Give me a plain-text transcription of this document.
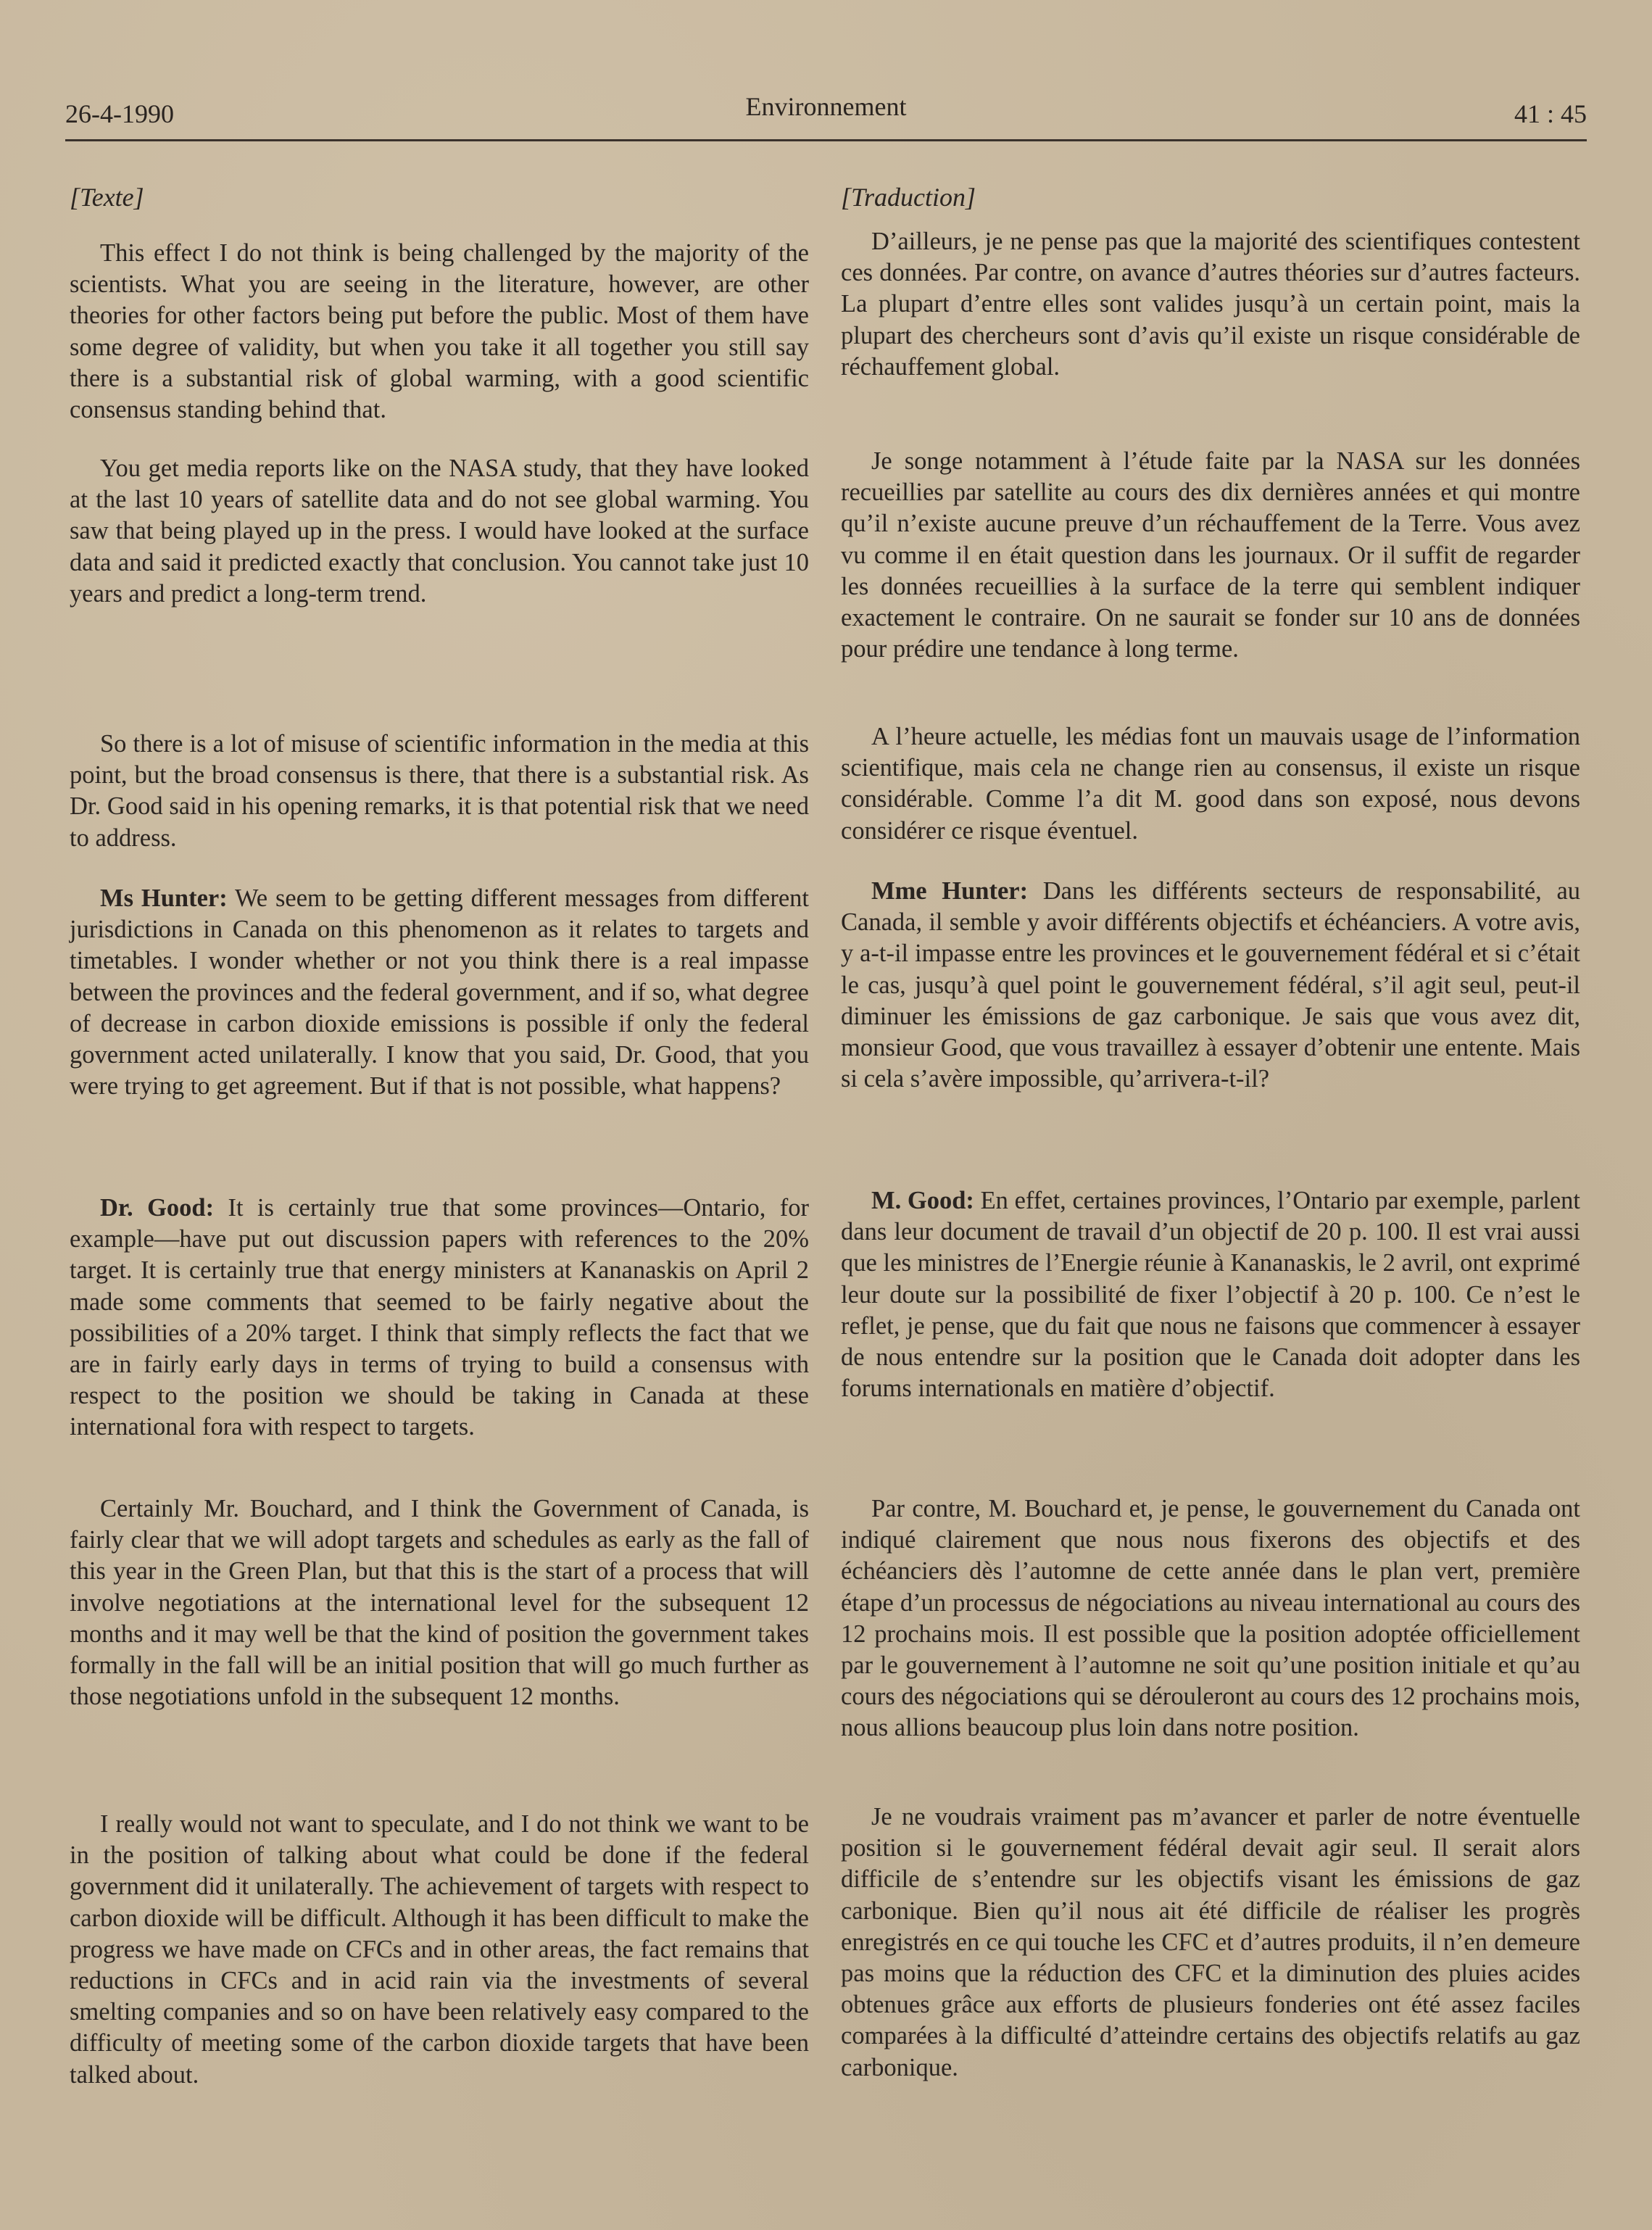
26-4-1990	Environnement	41 : 45
[Texte]

This effect I do not think is being challenged by the majority of the scientists. What you are seeing in the literature, however, are other theories for other factors being put before the public. Most of them have some degree of validity, but when you take it all together you still say there is a substantial risk of global warming, with a good scientific consensus standing behind that.

You get media reports like on the NASA study, that they have looked at the last 10 years of satellite data and do not see global warming. You saw that being played up in the press. I would have looked at the surface data and said it predicted exactly that conclusion. You cannot take just 10 years and predict a long-term trend.

So there is a lot of misuse of scientific information in the media at this point, but the broad consensus is there, that there is a substantial risk. As Dr. Good said in his opening remarks, it is that potential risk that we need to address.

Ms Hunter: We seem to be getting different messages from different jurisdictions in Canada on this phenomenon as it relates to targets and timetables. I wonder whether or not you think there is a real impasse between the provinces and the federal government, and if so, what degree of decrease in carbon dioxide emissions is possible if only the federal government acted unilaterally. I know that you said, Dr. Good, that you were trying to get agreement. But if that is not possible, what happens?

Dr. Good: It is certainly true that some provinces—Ontario, for example—have put out discussion papers with references to the 20% target. It is certainly true that energy ministers at Kananaskis on April 2 made some comments that seemed to be fairly negative about the possibilities of a 20% target. I think that simply reflects the fact that we are in fairly early days in terms of trying to build a consensus with respect to the position we should be taking in Canada at these international fora with respect to targets.

Certainly Mr. Bouchard, and I think the Government of Canada, is fairly clear that we will adopt targets and schedules as early as the fall of this year in the Green Plan, but that this is the start of a process that will involve negotiations at the international level for the subsequent 12 months and it may well be that the kind of position the government takes formally in the fall will be an initial position that will go much further as those negotiations unfold in the subsequent 12 months.

I really would not want to speculate, and I do not think we want to be in the position of talking about what could be done if the federal government did it unilaterally. The achievement of targets with respect to carbon dioxide will be difficult. Although it has been difficult to make the progress we have made on CFCs and in other areas, the fact remains that reductions in CFCs and in acid rain via the investments of several smelting companies and so on have been relatively easy compared to the difficulty of meeting some of the carbon dioxide targets that have been talked about.

[Traduction]

D’ailleurs, je ne pense pas que la majorité des scientifiques contestent ces données. Par contre, on avance d’autres théories sur d’autres facteurs. La plupart d’entre elles sont valides jusqu’à un certain point, mais la plupart des chercheurs sont d’avis qu’il existe un risque considérable de réchauffement global.

Je songe notamment à l’étude faite par la NASA sur les données recueillies par satellite au cours des dix dernières années et qui montre qu’il n’existe aucune preuve d’un réchauffement de la Terre. Vous avez vu comme il en était question dans les journaux. Or il suffit de regarder les données recueillies à la surface de la terre qui semblent indiquer exactement le contraire. On ne saurait se fonder sur 10 ans de données pour prédire une tendance à long terme.

A l’heure actuelle, les médias font un mauvais usage de l’information scientifique, mais cela ne change rien au consensus, il existe un risque considérable. Comme l’a dit M. good dans son exposé, nous devons considérer ce risque éventuel.

Mme Hunter: Dans les différents secteurs de responsabilité, au Canada, il semble y avoir différents objectifs et échéanciers. A votre avis, y a-t-il impasse entre les provinces et le gouvernement fédéral et si c’était le cas, jusqu’à quel point le gouvernement fédéral, s’il agit seul, peut-il diminuer les émissions de gaz carbonique. Je sais que vous avez dit, monsieur Good, que vous travaillez à essayer d’obtenir une entente. Mais si cela s’avère impossible, qu’arrivera-t-il?

M. Good: En effet, certaines provinces, l’Ontario par exemple, parlent dans leur document de travail d’un objectif de 20 p. 100. Il est vrai aussi que les ministres de l’Energie réunie à Kananaskis, le 2 avril, ont exprimé leur doute sur la possibilité de fixer l’objectif à 20 p. 100. Ce n’est le reflet, je pense, que du fait que nous ne faisons que commencer à essayer de nous entendre sur la position que le Canada doit adopter dans les forums internationals en matière d’objectif.

Par contre, M. Bouchard et, je pense, le gouvernement du Canada ont indiqué clairement que nous nous fixerons des objectifs et des échéanciers dès l’automne de cette année dans le plan vert, première étape d’un processus de négociations au niveau international au cours des 12 prochains mois. Il est possible que la position adoptée officiellement par le gouvernement à l’automne ne soit qu’une position initiale et qu’au cours des négociations qui se dérouleront au cours des 12 prochains mois, nous allions beaucoup plus loin dans notre position.

Je ne voudrais vraiment pas m’avancer et parler de notre éventuelle position si le gouvernement fédéral devait agir seul. Il serait alors difficile de s’entendre sur les objectifs visant les émissions de gaz carbonique. Bien qu’il nous ait été difficile de réaliser les progrès enregistrés en ce qui touche les CFC et d’autres produits, il n’en demeure pas moins que la réduction des CFC et la diminution des pluies acides obtenues grâce aux efforts de plusieurs fonderies ont été assez faciles comparées à la difficulté d’atteindre certains des objectifs relatifs au gaz carbonique.
